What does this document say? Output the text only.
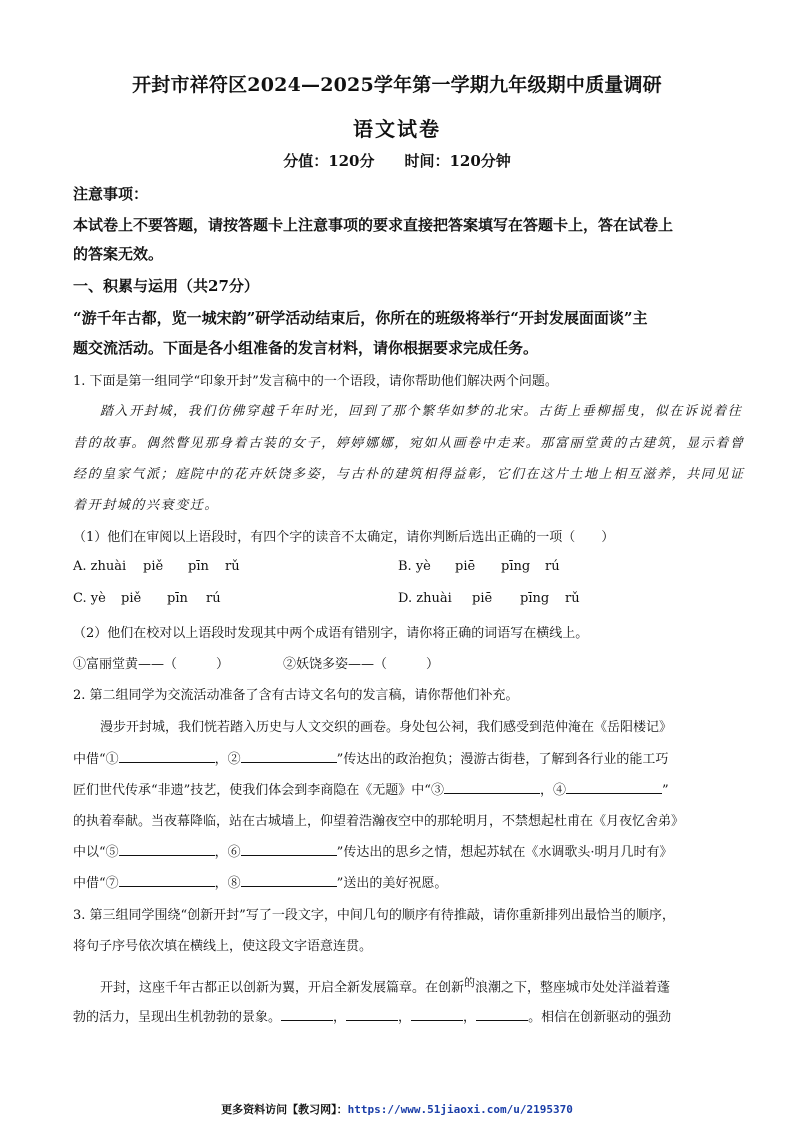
开封市祥符区2024—2025学年第一学期九年级期中质量调研
语文试卷
分值：120分　　时间：120分钟
注意事项：
本试卷上不要答题，请按答题卡上注意事项的要求直接把答案填写在答题卡上，答在试卷上
的答案无效。
一、积累与运用（共27分）
“游千年古都，览一城宋韵”研学活动结束后，你所在的班级将举行“开封发展面面谈”主
题交流活动。下面是各小组准备的发言材料，请你根据要求完成任务。
1. 下面是第一组同学“印象开封”发言稿中的一个语段，请你帮助他们解决两个问题。
踏入开封城，我们仿佛穿越千年时光，回到了那个繁华如梦的北宋。古街上垂柳摇曳，似在诉说着往
昔的故事。偶然瞥见那身着古装的女子，婷婷娜娜，宛如从画卷中走来。那富丽堂黄的古建筑，显示着曾
经的皇家气派；庭院中的花卉妖饶多姿，与古朴的建筑相得益彰，它们在这片土地上相互滋养，共同见证
着开封城的兴衰变迁。
（1）他们在审阅以上语段时，有四个字的读音不太确定，请你判断后选出正确的一项（　　）
A. zhuài piě pīn rǔ	B. yè piē pīng rú
C. yè piě pīn rú	D. zhuài piē pīng rǔ
（2）他们在校对以上语段时发现其中两个成语有错别字，请你将正确的词语写在横线上。
①富丽堂黄——（　　　）	②妖饶多姿——（　　　）
2. 第二组同学为交流活动准备了含有古诗文名句的发言稿，请你帮他们补充。
漫步开封城，我们恍若踏入历史与人文交织的画卷。身处包公祠，我们感受到范仲淹在《岳阳楼记》
中借“①	，②	”传达出的政治抱负；漫游古街巷，了解到各行业的能工巧
匠们世代传承“非遗”技艺，使我们体会到李商隐在《无题》中“③	，④	”
的执着奉献。当夜幕降临，站在古城墙上，仰望着浩瀚夜空中的那轮明月，不禁想起杜甫在《月夜忆舍弟》
中以“⑤	，⑥	”传达出的思乡之情，想起苏轼在《水调歌头·明月几时有》
中借“⑦	，⑧	”送出的美好祝愿。
3. 第三组同学围绕“创新开封”写了一段文字，中间几句的顺序有待推敲，请你重新排列出最恰当的顺序，
将句子序号依次填在横线上，使这段文字语意连贯。
开封，这座千年古都正以创新为翼，开启全新发展篇章。在创新$^的$浪潮之下，整座城市处处洋溢着蓬
勃的活力，呈现出生机勃勃的景象。	，	，	，	。相信在创新驱动的强劲
更多资料访问【教习网】：https://www.51jiaoxi.com/u/2195370
